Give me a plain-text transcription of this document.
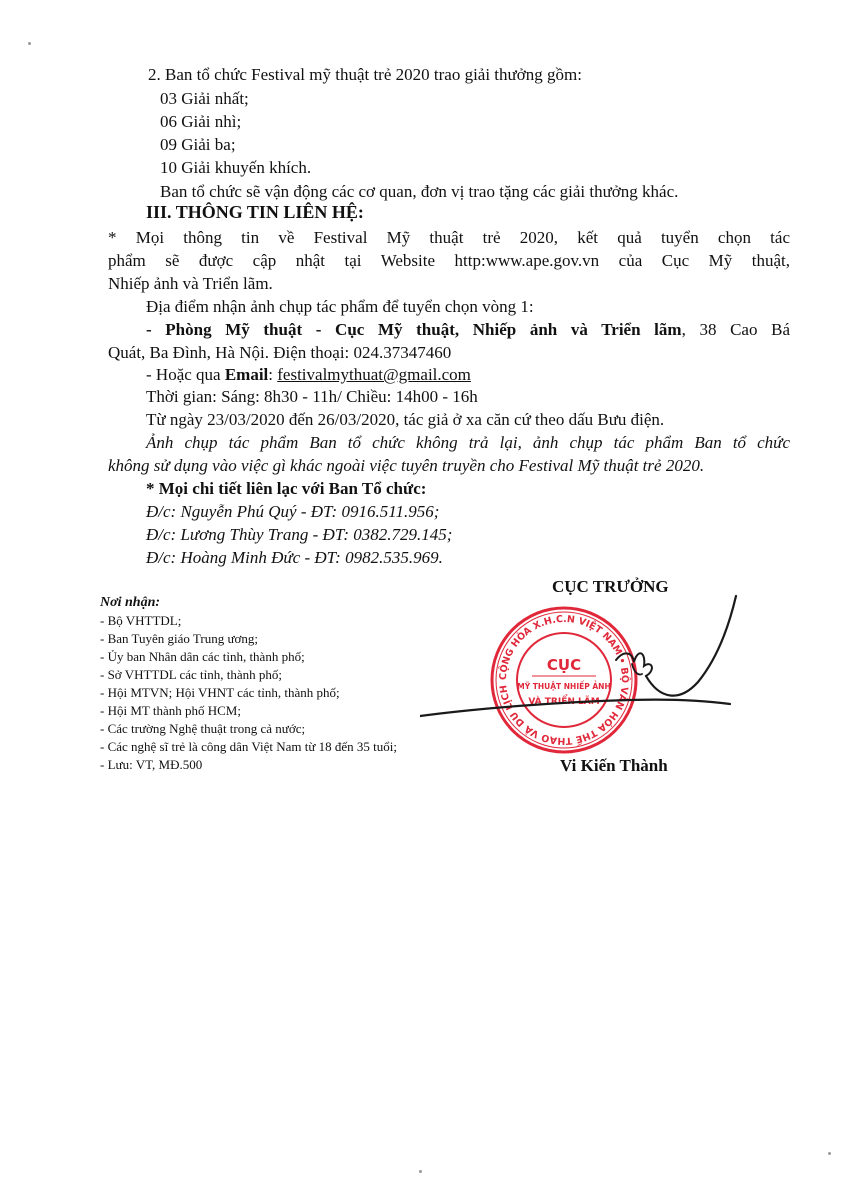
2. Ban tổ chức Festival mỹ thuật trẻ 2020 trao giải thưởng gồm:
03 Giải nhất;
06 Giải nhì;
09 Giải ba;
10 Giải khuyến khích.
Ban tổ chức sẽ vận động các cơ quan, đơn vị trao tặng các giải thưởng khác.
III. THÔNG TIN LIÊN HỆ:
* Mọi thông tin về Festival Mỹ thuật trẻ 2020, kết quả tuyển chọn tác
phẩm sẽ được cập nhật tại Website http:www.ape.gov.vn của Cục Mỹ thuật,
Nhiếp ảnh và Triển lãm.
Địa điểm nhận ảnh chụp tác phẩm để tuyển chọn vòng 1:
- Phòng Mỹ thuật - Cục Mỹ thuật, Nhiếp ảnh và Triển lãm, 38 Cao Bá
Quát, Ba Đình, Hà Nội. Điện thoại: 024.37347460
- Hoặc qua Email: festivalmythuat@gmail.com
Thời gian: Sáng: 8h30 - 11h/ Chiều: 14h00 - 16h
Từ ngày 23/03/2020 đến 26/03/2020, tác giả ở xa căn cứ theo dấu Bưu điện.
Ảnh chụp tác phẩm Ban tổ chức không trả lại, ảnh chụp tác phẩm Ban tổ chức
không sử dụng vào việc gì khác ngoài việc tuyên truyền cho Festival Mỹ thuật trẻ 2020.
* Mọi chi tiết liên lạc với Ban Tổ chức:
Đ/c: Nguyễn Phú Quý - ĐT: 0916.511.956;
Đ/c: Lương Thùy Trang - ĐT: 0382.729.145;
Đ/c: Hoàng Minh Đức - ĐT: 0982.535.969.
Nơi nhận:
- Bộ VHTTDL;
- Ban Tuyên giáo Trung ương;
- Ủy ban Nhân dân các tỉnh, thành phố;
- Sở VHTTDL các tỉnh, thành phố;
- Hội MTVN; Hội VHNT các tỉnh, thành phố;
- Hội MT thành phố HCM;
- Các trường Nghệ thuật trong cả nước;
- Các nghệ sĩ trẻ là công dân Việt Nam từ 18 đến 35 tuổi;
- Lưu: VT, MĐ.500
CỤC TRƯỞNG
CỘNG HÒA X.H.C.N VIỆT NAM • BỘ VĂN HÓA THỂ THAO VÀ DU LỊCH
CỤC
MỸ THUẬT NHIẾP ẢNH
VÀ TRIỂN LÃM
Vi Kiến Thành
